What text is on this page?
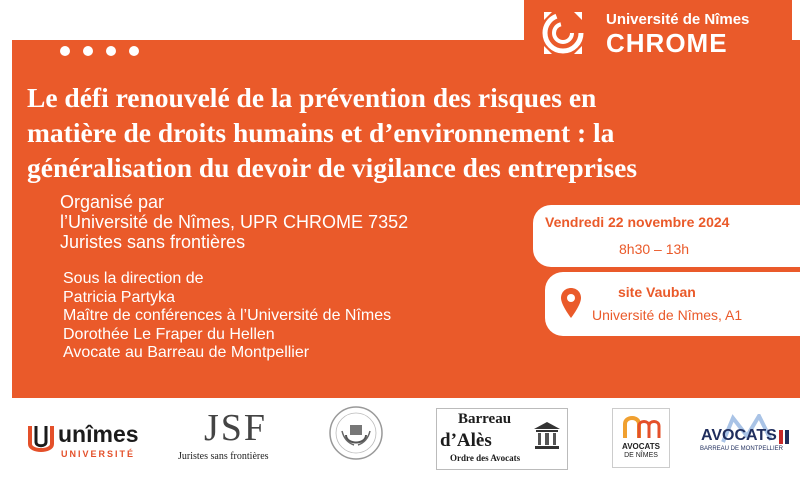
Université de Nîmes
CHROME
Le défi renouvelé de la prévention des risques en
matière de droits humains et d’environnement : la
généralisation du devoir de vigilance des entreprises
Organisé par
l’Université de Nîmes, UPR CHROME 7352
Juristes sans frontières
Sous la direction de
Patricia Partyka
Maître de conférences à l’Université de Nîmes
Dorothée Le Fraper du Hellen
Avocate au Barreau de Montpellier
Vendredi 22 novembre 2024
8h30 – 13h
site Vauban
Université de Nîmes, A1
unîmes
UNIVERSITÉ
JSF
Juristes sans frontières
Barreau
d’Alès
Ordre des Avocats
AVOCATS
DE NÎMES
AVOCATS
BARREAU DE MONTPELLIER
